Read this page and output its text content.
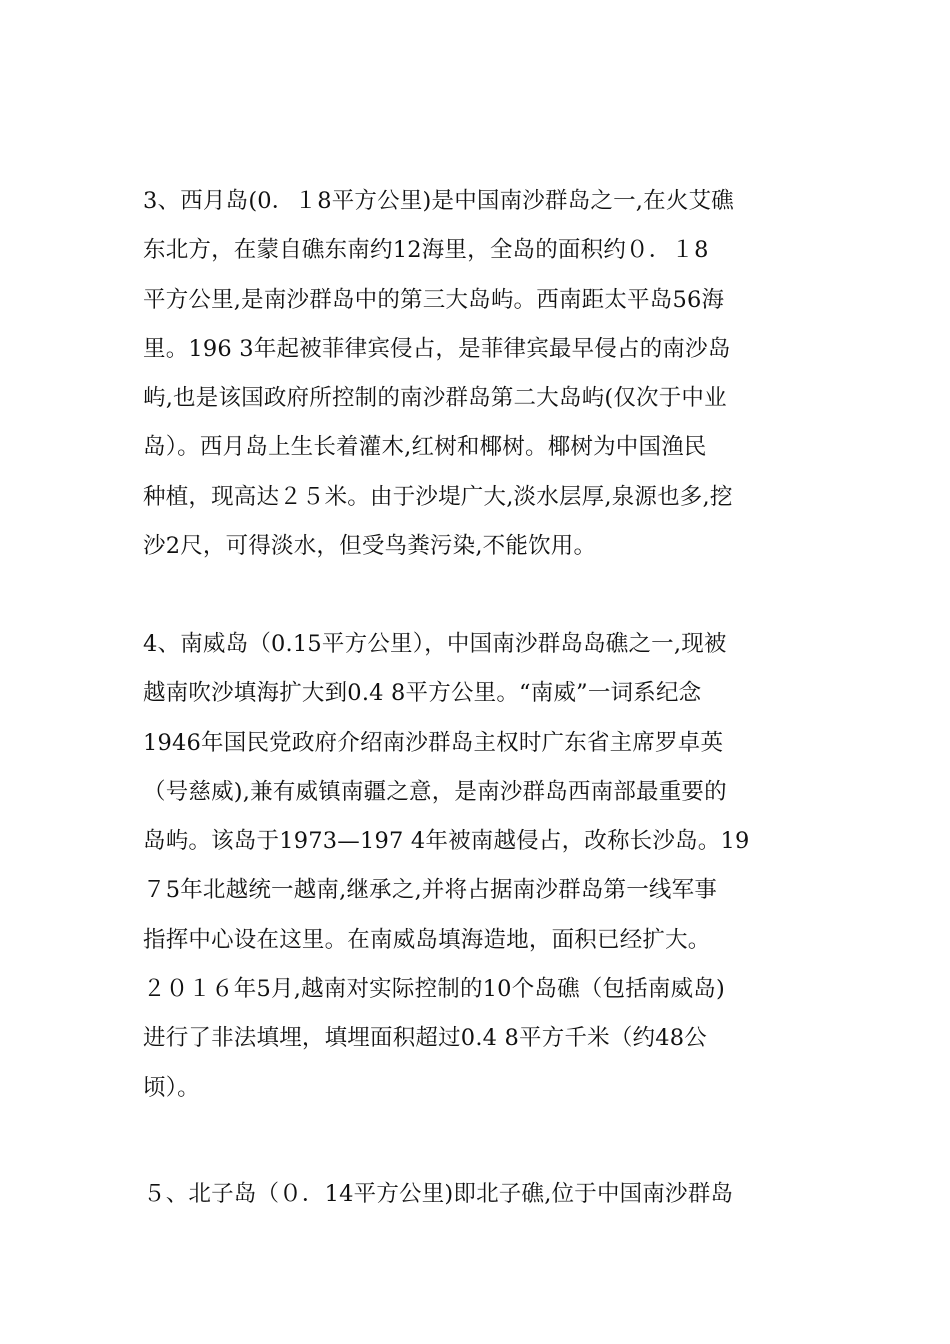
3、西月岛(0．１8平方公里)是中国南沙群岛之一,在火艾礁
东北方，在蒙自礁东南约12海里，全岛的面积约０．１8
平方公里,是南沙群岛中的第三大岛屿。西南距太平岛56海
里。196 3年起被菲律宾侵占，是菲律宾最早侵占的南沙岛
屿,也是该国政府所控制的南沙群岛第二大岛屿(仅次于中业
岛）。西月岛上生长着灌木,红树和椰树。椰树为中国渔民
种植，现高达２５米。由于沙堤广大,淡水层厚,泉源也多,挖
沙2尺，可得淡水，但受鸟粪污染,不能饮用。
4、南威岛（0.15平方公里），中国南沙群岛岛礁之一,现被
越南吹沙填海扩大到0.4 8平方公里。“南威”一词系纪念
1946年国民党政府介绍南沙群岛主权时广东省主席罗卓英
（号慈威),兼有威镇南疆之意，是南沙群岛西南部最重要的
岛屿。该岛于1973—197 4年被南越侵占，改称长沙岛。19
７5年北越统一越南,继承之,并将占据南沙群岛第一线军事
指挥中心设在这里。在南威岛填海造地，面积已经扩大。
２０１６年5月,越南对实际控制的10个岛礁（包括南威岛)
进行了非法填埋，填埋面积超过0.4 8平方千米（约48公
顷）。
５、北子岛（０．14平方公里)即北子礁,位于中国南沙群岛
